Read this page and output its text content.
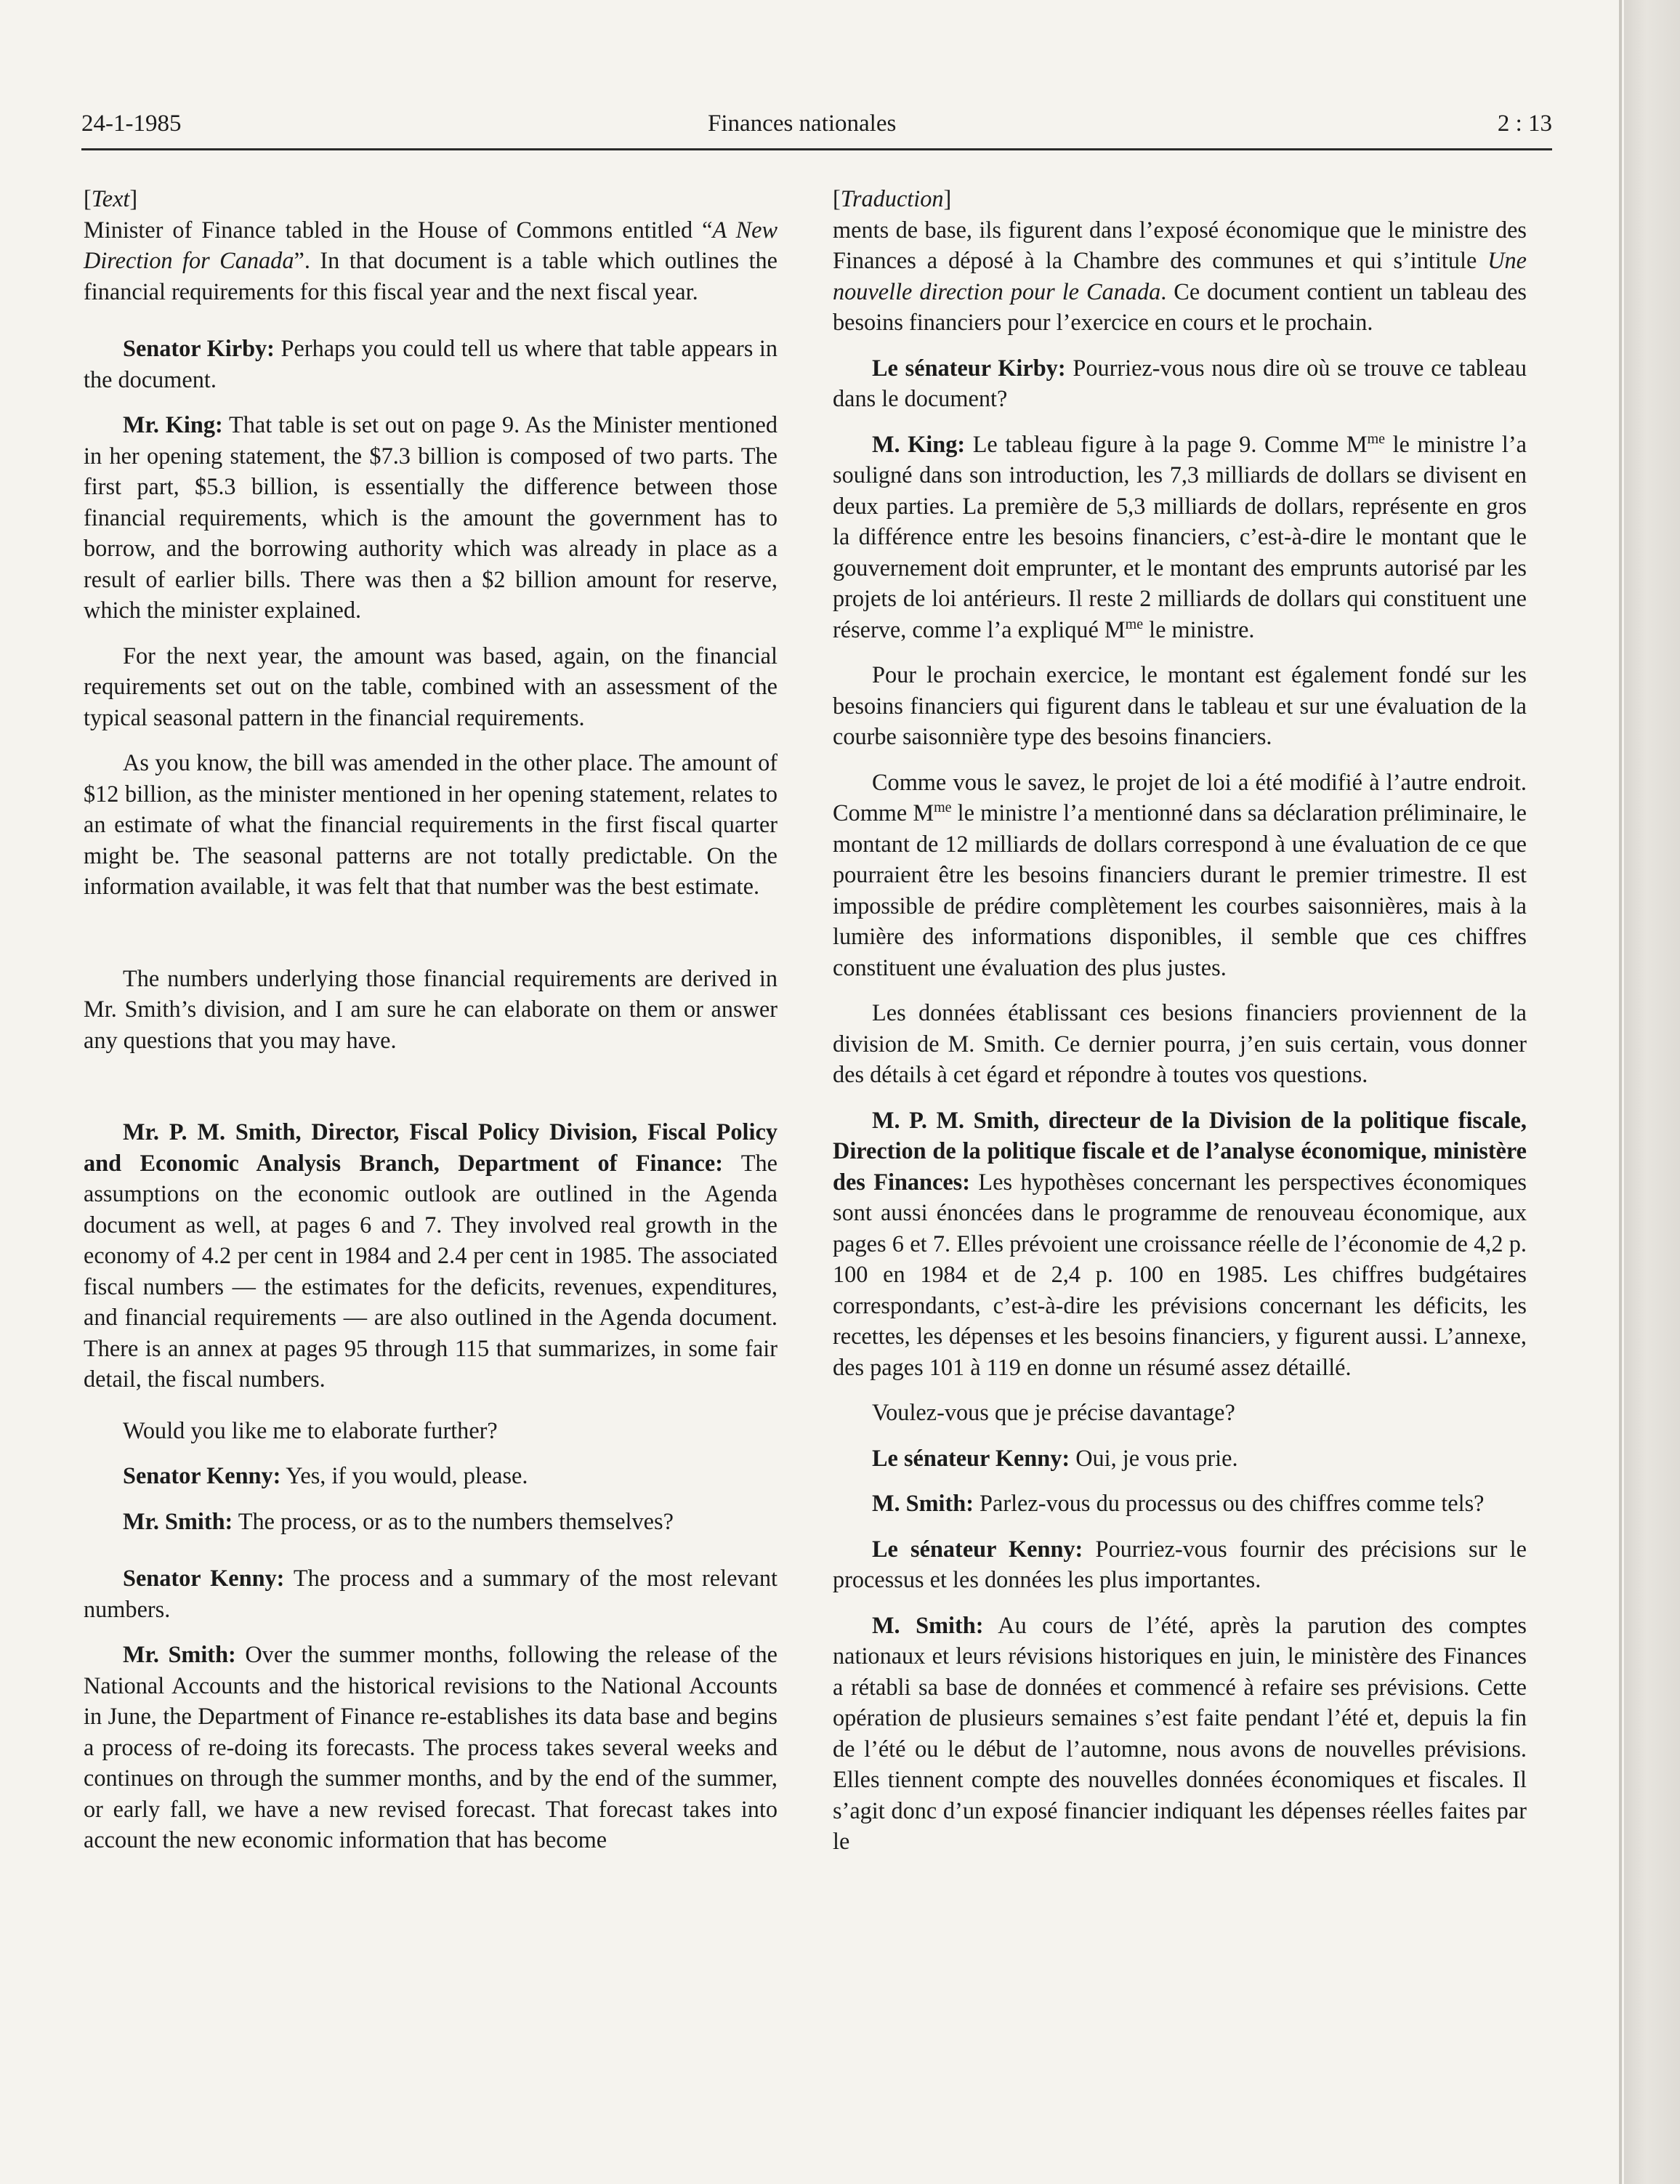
24-1-1985	Finances nationales	2 : 13

[Text]

Minister of Finance tabled in the House of Commons entitled “A New Direction for Canada”. In that document is a table which outlines the financial requirements for this fiscal year and the next fiscal year.

Senator Kirby: Perhaps you could tell us where that table appears in the document.

Mr. King: That table is set out on page 9. As the Minister mentioned in her opening statement, the $7.3 billion is composed of two parts. The first part, $5.3 billion, is essentially the difference between those financial requirements, which is the amount the government has to borrow, and the borrowing authority which was already in place as a result of earlier bills. There was then a $2 billion amount for reserve, which the minister explained.

For the next year, the amount was based, again, on the financial requirements set out on the table, combined with an assessment of the typical seasonal pattern in the financial requirements.

As you know, the bill was amended in the other place. The amount of $12 billion, as the minister mentioned in her opening statement, relates to an estimate of what the financial requirements in the first fiscal quarter might be. The seasonal patterns are not totally predictable. On the information available, it was felt that that number was the best estimate.

The numbers underlying those financial requirements are derived in Mr. Smith’s division, and I am sure he can elaborate on them or answer any questions that you may have.

Mr. P. M. Smith, Director, Fiscal Policy Division, Fiscal Policy and Economic Analysis Branch, Department of Finance: The assumptions on the economic outlook are outlined in the Agenda document as well, at pages 6 and 7. They involved real growth in the economy of 4.2 per cent in 1984 and 2.4 per cent in 1985. The associated fiscal numbers — the estimates for the deficits, revenues, expenditures, and financial requirements — are also outlined in the Agenda document. There is an annex at pages 95 through 115 that summarizes, in some fair detail, the fiscal numbers.

Would you like me to elaborate further?

Senator Kenny: Yes, if you would, please.

Mr. Smith: The process, or as to the numbers themselves?

Senator Kenny: The process and a summary of the most relevant numbers.

Mr. Smith: Over the summer months, following the release of the National Accounts and the historical revisions to the National Accounts in June, the Department of Finance re-establishes its data base and begins a process of re-doing its forecasts. The process takes several weeks and continues on through the summer months, and by the end of the summer, or early fall, we have a new revised forecast. That forecast takes into account the new economic information that has become

[Traduction]

ments de base, ils figurent dans l’exposé économique que le ministre des Finances a déposé à la Chambre des communes et qui s’intitule Une nouvelle direction pour le Canada. Ce document contient un tableau des besoins financiers pour l’exercice en cours et le prochain.

Le sénateur Kirby: Pourriez-vous nous dire où se trouve ce tableau dans le document?

M. King: Le tableau figure à la page 9. Comme $M^{me}$ le ministre l’a souligné dans son introduction, les 7,3 milliards de dollars se divisent en deux parties. La première de 5,3 milliards de dollars, représente en gros la différence entre les besoins financiers, c’est-à-dire le montant que le gouvernement doit emprunter, et le montant des emprunts autorisé par les projets de loi antérieurs. Il reste 2 milliards de dollars qui constituent une réserve, comme l’a expliqué $M^{me}$ le ministre.

Pour le prochain exercice, le montant est également fondé sur les besoins financiers qui figurent dans le tableau et sur une évaluation de la courbe saisonnière type des besoins financiers.

Comme vous le savez, le projet de loi a été modifié à l’autre endroit. Comme $M^{me}$ le ministre l’a mentionné dans sa déclaration préliminaire, le montant de 12 milliards de dollars correspond à une évaluation de ce que pourraient être les besoins financiers durant le premier trimestre. Il est impossible de prédire complètement les courbes saisonnières, mais à la lumière des informations disponibles, il semble que ces chiffres constituent une évaluation des plus justes.

Les données établissant ces besions financiers proviennent de la division de M. Smith. Ce dernier pourra, j’en suis certain, vous donner des détails à cet égard et répondre à toutes vos questions.

M. P. M. Smith, directeur de la Division de la politique fiscale, Direction de la politique fiscale et de l’analyse économique, ministère des Finances: Les hypothèses concernant les perspectives économiques sont aussi énoncées dans le programme de renouveau économique, aux pages 6 et 7. Elles prévoient une croissance réelle de l’économie de 4,2 p. 100 en 1984 et de 2,4 p. 100 en 1985. Les chiffres budgétaires correspondants, c’est-à-dire les prévisions concernant les déficits, les recettes, les dépenses et les besoins financiers, y figurent aussi. L’annexe, des pages 101 à 119 en donne un résumé assez détaillé.

Voulez-vous que je précise davantage?

Le sénateur Kenny: Oui, je vous prie.

M. Smith: Parlez-vous du processus ou des chiffres comme tels?

Le sénateur Kenny: Pourriez-vous fournir des précisions sur le processus et les données les plus importantes.

M. Smith: Au cours de l’été, après la parution des comptes nationaux et leurs révisions historiques en juin, le ministère des Finances a rétabli sa base de données et commencé à refaire ses prévisions. Cette opération de plusieurs semaines s’est faite pendant l’été et, depuis la fin de l’été ou le début de l’automne, nous avons de nouvelles prévisions. Elles tiennent compte des nouvelles données économiques et fiscales. Il s’agit donc d’un exposé financier indiquant les dépenses réelles faites par le
